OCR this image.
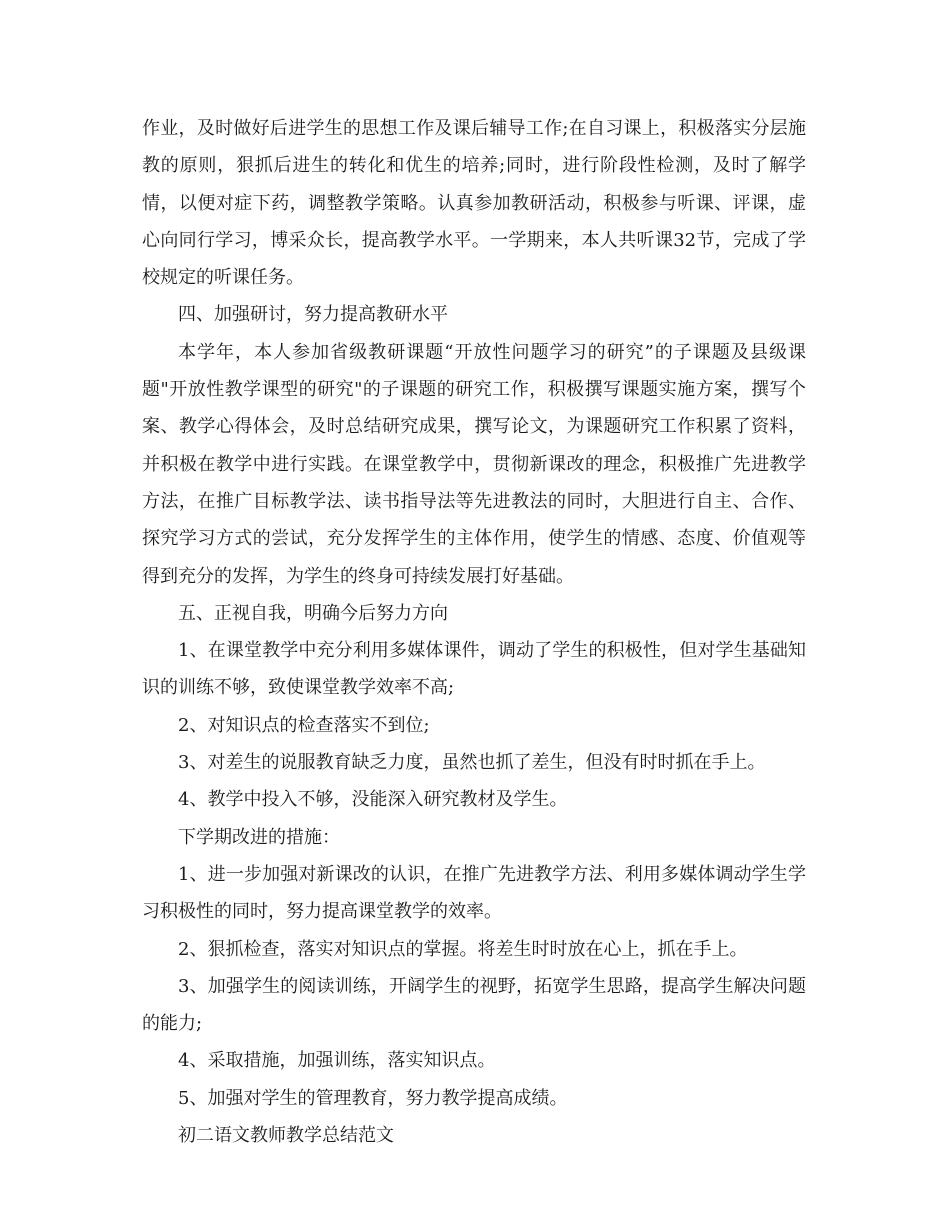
作业，及时做好后进学生的思想工作及课后辅导工作;在自习课上，积极落实分层施教的原则，狠抓后进生的转化和优生的培养;同时，进行阶段性检测，及时了解学情，以便对症下药，调整教学策略。认真参加教研活动，积极参与听课、评课，虚心向同行学习，博采众长，提高教学水平。一学期来，本人共听课32节，完成了学校规定的听课任务。

四、加强研讨，努力提高教研水平

本学年，本人参加省级教研课题“开放性问题学习的研究”的子课题及县级课题"开放性教学课型的研究"的子课题的研究工作，积极撰写课题实施方案，撰写个案、教学心得体会，及时总结研究成果，撰写论文，为课题研究工作积累了资料，并积极在教学中进行实践。在课堂教学中，贯彻新课改的理念，积极推广先进教学方法，在推广目标教学法、读书指导法等先进教法的同时，大胆进行自主、合作、探究学习方式的尝试，充分发挥学生的主体作用，使学生的情感、态度、价值观等得到充分的发挥，为学生的终身可持续发展打好基础。

五、正视自我，明确今后努力方向

1、在课堂教学中充分利用多媒体课件，调动了学生的积极性，但对学生基础知识的训练不够，致使课堂教学效率不高;

2、对知识点的检查落实不到位;

3、对差生的说服教育缺乏力度，虽然也抓了差生，但没有时时抓在手上。

4、教学中投入不够，没能深入研究教材及学生。

下学期改进的措施：

1、进一步加强对新课改的认识，在推广先进教学方法、利用多媒体调动学生学习积极性的同时，努力提高课堂教学的效率。

2、狠抓检查，落实对知识点的掌握。将差生时时放在心上，抓在手上。

3、加强学生的阅读训练，开阔学生的视野，拓宽学生思路，提高学生解决问题的能力;

4、采取措施，加强训练，落实知识点。

5、加强对学生的管理教育，努力教学提高成绩。

初二语文教师教学总结范文
